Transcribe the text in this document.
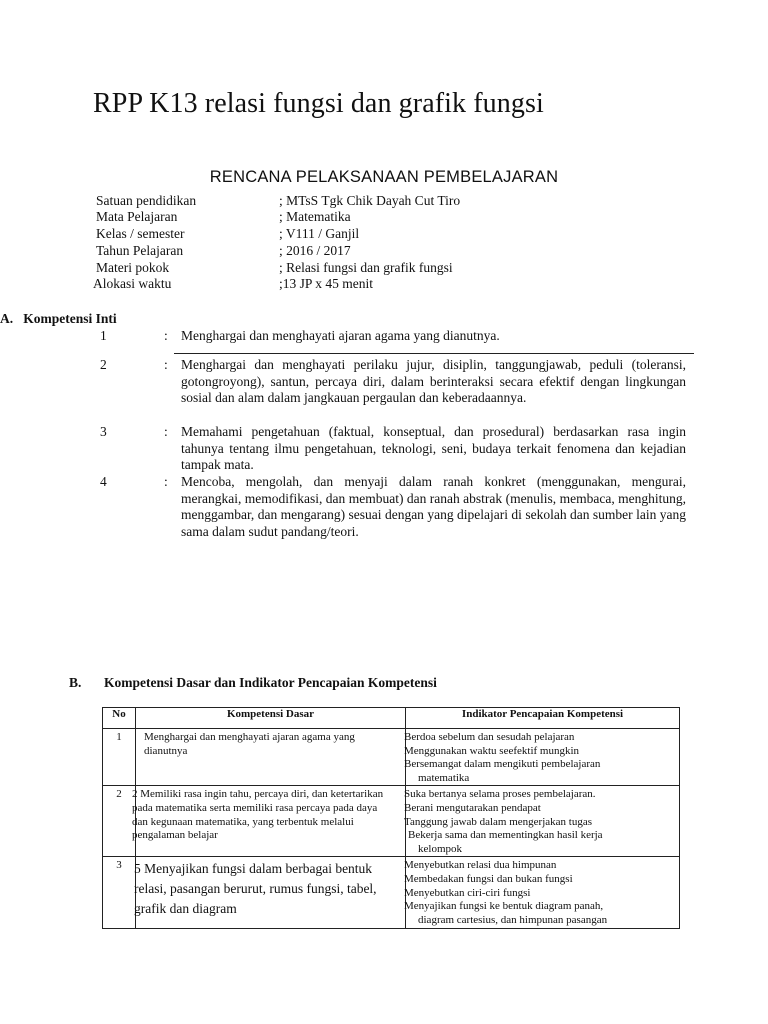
RPP K13 relasi fungsi dan grafik fungsi
RENCANA PELAKSANAAN PEMBELAJARAN
Satuan pendidikan	; MTsS Tgk Chik Dayah Cut Tiro
Mata Pelajaran	; Matematika
Kelas / semester	; V111 / Ganjil
Tahun Pelajaran	; 2016 / 2017
Materi pokok	; Relasi fungsi dan grafik fungsi
Alokasi waktu	;13 JP x 45 menit
A.   Kompetensi Inti
1	: Menghargai dan menghayati ajaran agama yang dianutnya.
2	: Menghargai dan menghayati perilaku jujur, disiplin, tanggungjawab, peduli (toleransi, gotongroyong), santun, percaya diri, dalam berinteraksi secara efektif dengan lingkungan sosial dan alam dalam jangkauan pergaulan dan keberadaannya.
3	: Memahami pengetahuan (faktual, konseptual, dan prosedural) berdasarkan rasa ingin tahunya tentang ilmu pengetahuan, teknologi, seni, budaya terkait fenomena dan kejadian tampak mata.
4	: Mencoba, mengolah, dan menyaji dalam ranah konkret (menggunakan, mengurai, merangkai, memodifikasi, dan membuat) dan ranah abstrak (menulis, membaca, menghitung, menggambar, dan mengarang) sesuai dengan yang dipelajari di sekolah dan sumber lain yang sama dalam sudut pandang/teori.
B. Kompetensi Dasar dan Indikator Pencapaian Kompetensi
No	Kompetensi Dasar	Indikator Pencapaian Kompetensi
1	Menghargai dan menghayati ajaran agama yang dianutnya	Berdoa sebelum dan sesudah pelajaran
Menggunakan waktu seefektif mungkin
Bersemangat dalam mengikuti pembelajaran
matematika

2	2 Memiliki rasa ingin tahu, percaya diri, dan ketertarikan pada matematika serta memiliki rasa percaya pada daya dan kegunaan matematika, yang terbentuk melalui pengalaman belajar	Suka bertanya selama proses pembelajaran.
Berani mengutarakan pendapat
Tanggung jawab dalam mengerjakan tugas
Bekerja sama dan mementingkan hasil kerja
kelompok

3	5 Menyajikan fungsi dalam berbagai bentuk relasi, pasangan berurut, rumus fungsi, tabel, grafik dan diagram	Menyebutkan relasi dua himpunan
Membedakan fungsi dan bukan fungsi
Menyebutkan ciri-ciri fungsi
Menyajikan fungsi ke bentuk diagram panah,
diagram cartesius, dan himpunan pasangan
